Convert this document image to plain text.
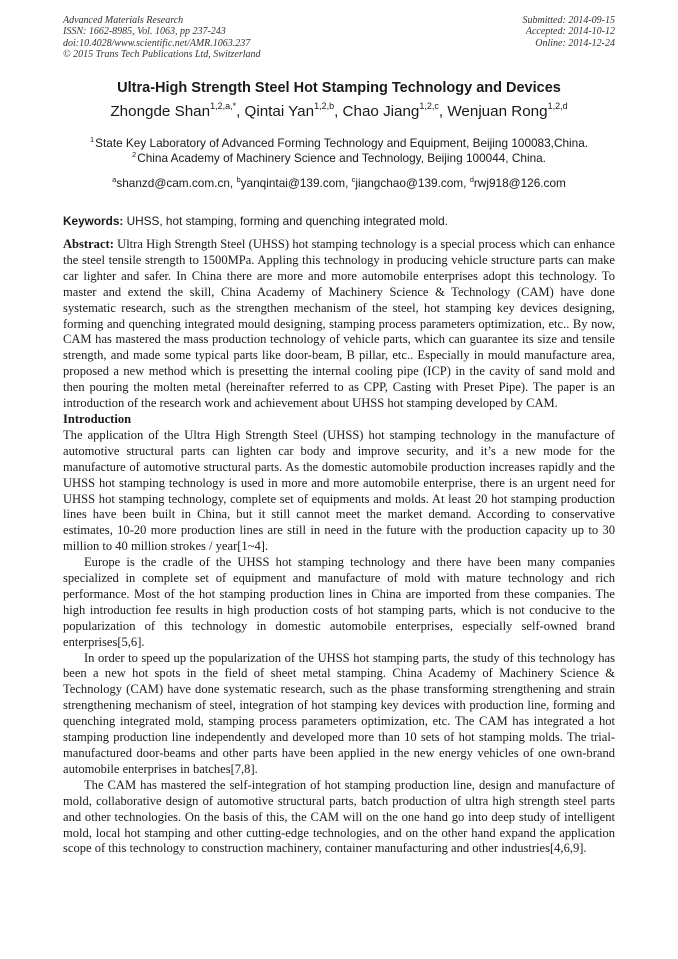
Advanced Materials Research
ISSN: 1662-8985, Vol. 1063, pp 237-243
doi:10.4028/www.scientific.net/AMR.1063.237
© 2015 Trans Tech Publications Ltd, Switzerland
Submitted: 2014-09-15
Accepted: 2014-10-12
Online: 2014-12-24
Ultra-High Strength Steel Hot Stamping Technology and Devices
Zhongde Shan$^{1,2,a,*}$, Qintai Yan$^{1,2,b}$, Chao Jiang$^{1,2,c}$, Wenjuan Rong$^{1,2,d}$
$^1$State Key Laboratory of Advanced Forming Technology and Equipment, Beijing 100083,China.
$^2$China Academy of Machinery Science and Technology, Beijing 100044, China.
$^a$shanzd@cam.com.cn, $^b$yanqintai@139.com, $^c$jiangchao@139.com, $^d$rwj918@126.com
Keywords: UHSS, hot stamping, forming and quenching integrated mold.

Abstract: Ultra High Strength Steel (UHSS) hot stamping technology is a special process which can enhance the steel tensile strength to 1500MPa. Appling this technology in producing vehicle structure parts can make car lighter and safer. In China there are more and more automobile enterprises adopt this technology. To master and extend the skill, China Academy of Machinery Science & Technology (CAM) have done systematic research, such as the strengthen mechanism of the steel, hot stamping key devices designing, forming and quenching integrated mould designing, stamping process parameters optimization, etc.. By now, CAM has mastered the mass production technology of vehicle parts, which can guarantee its size and tensile strength, and made some typical parts like door-beam, B pillar, etc.. Especially in mould manufacture area, proposed a new method which is presetting the internal cooling pipe (ICP) in the cavity of sand mold and then pouring the molten metal (hereinafter referred to as CPP, Casting with Preset Pipe). The paper is an introduction of the research work and achievement about UHSS hot stamping developed by CAM.

Introduction

The application of the Ultra High Strength Steel (UHSS) hot stamping technology in the manufacture of automotive structural parts can lighten car body and improve security, and it’s a new mode for the manufacture of automotive structural parts. As the domestic automobile production increases rapidly and the UHSS hot stamping technology is used in more and more automobile enterprise, there is an urgent need for UHSS hot stamping technology, complete set of equipments and molds. At least 20 hot stamping production lines have been built in China, but it still cannot meet the market demand. According to conservative estimates, 10-20 more production lines are still in need in the future with the production capacity up to 30 million to 40 million strokes / year[1~4].

Europe is the cradle of the UHSS hot stamping technology and there have been many companies specialized in complete set of equipment and manufacture of mold with mature technology and rich performance. Most of the hot stamping production lines in China are imported from these companies. The high introduction fee results in high production costs of hot stamping parts, which is not conducive to the popularization of this technology in domestic automobile enterprises, especially self-owned brand enterprises[5,6].

In order to speed up the popularization of the UHSS hot stamping parts, the study of this technology has been a new hot spots in the field of sheet metal stamping. China Academy of Machinery Science & Technology (CAM) have done systematic research, such as the phase transforming strengthening and strain strengthening mechanism of steel, integration of hot stamping key devices with production line, forming and quenching integrated mold, stamping process parameters optimization, etc. The CAM has integrated a hot stamping production line independently and developed more than 10 sets of hot stamping molds. The trial-manufactured door-beams and other parts have been applied in the new energy vehicles of one own-brand automobile enterprises in batches[7,8].

The CAM has mastered the self-integration of hot stamping production line, design and manufacture of mold, collaborative design of automotive structural parts, batch production of ultra high strength steel parts and other technologies. On the basis of this, the CAM will on the one hand go into deep study of intelligent mold, local hot stamping and other cutting-edge technologies, and on the other hand expand the application scope of this technology to construction machinery, container manufacturing and other industries[4,6,9].
